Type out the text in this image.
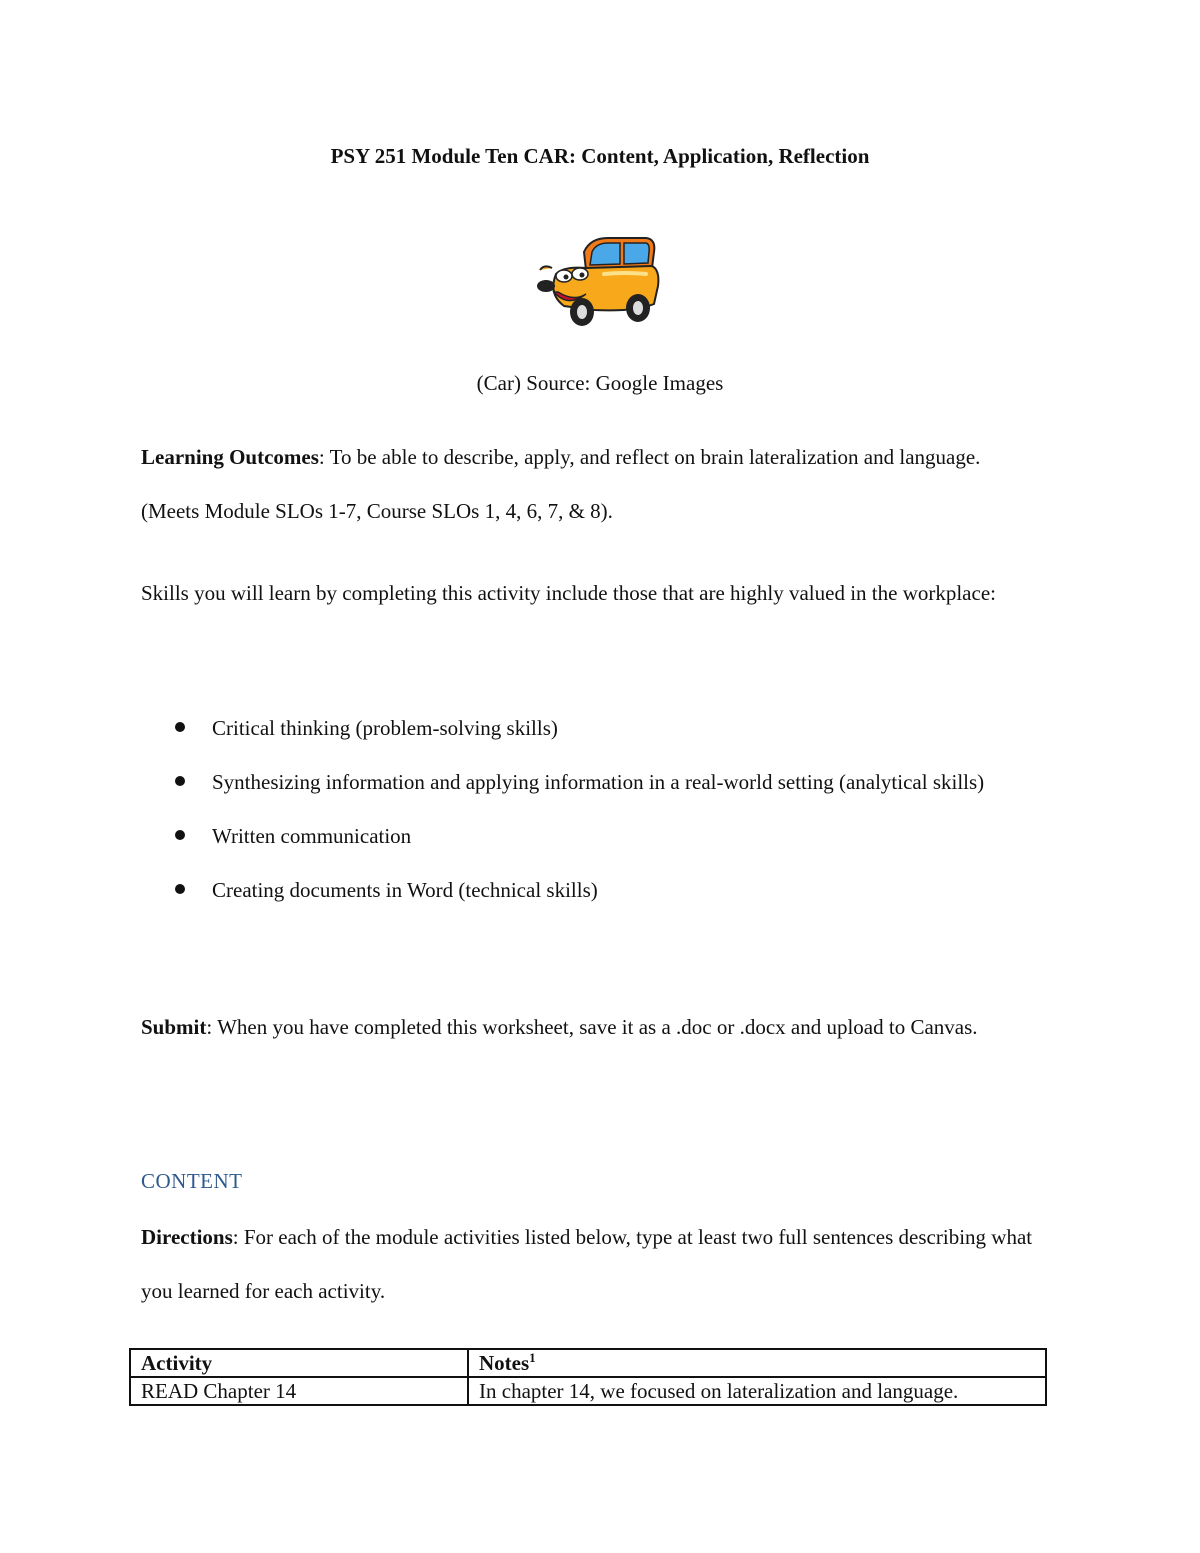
PSY 251 Module Ten CAR: Content, Application, Reflection
(Car) Source: Google Images
Learning Outcomes: To be able to describe, apply, and reflect on brain lateralization and language. (Meets Module SLOs 1-7, Course SLOs 1, 4, 6, 7, & 8).
Skills you will learn by completing this activity include those that are highly valued in the workplace:
Critical thinking (problem-solving skills)
Synthesizing information and applying information in a real-world setting (analytical skills)
Written communication
Creating documents in Word (technical skills)
Submit: When you have completed this worksheet, save it as a .doc or .docx and upload to Canvas.
CONTENT
Directions: For each of the module activities listed below, type at least two full sentences describing what you learned for each activity.
Activity	Notes$^1$
READ Chapter 14	In chapter 14, we focused on lateralization and language.
